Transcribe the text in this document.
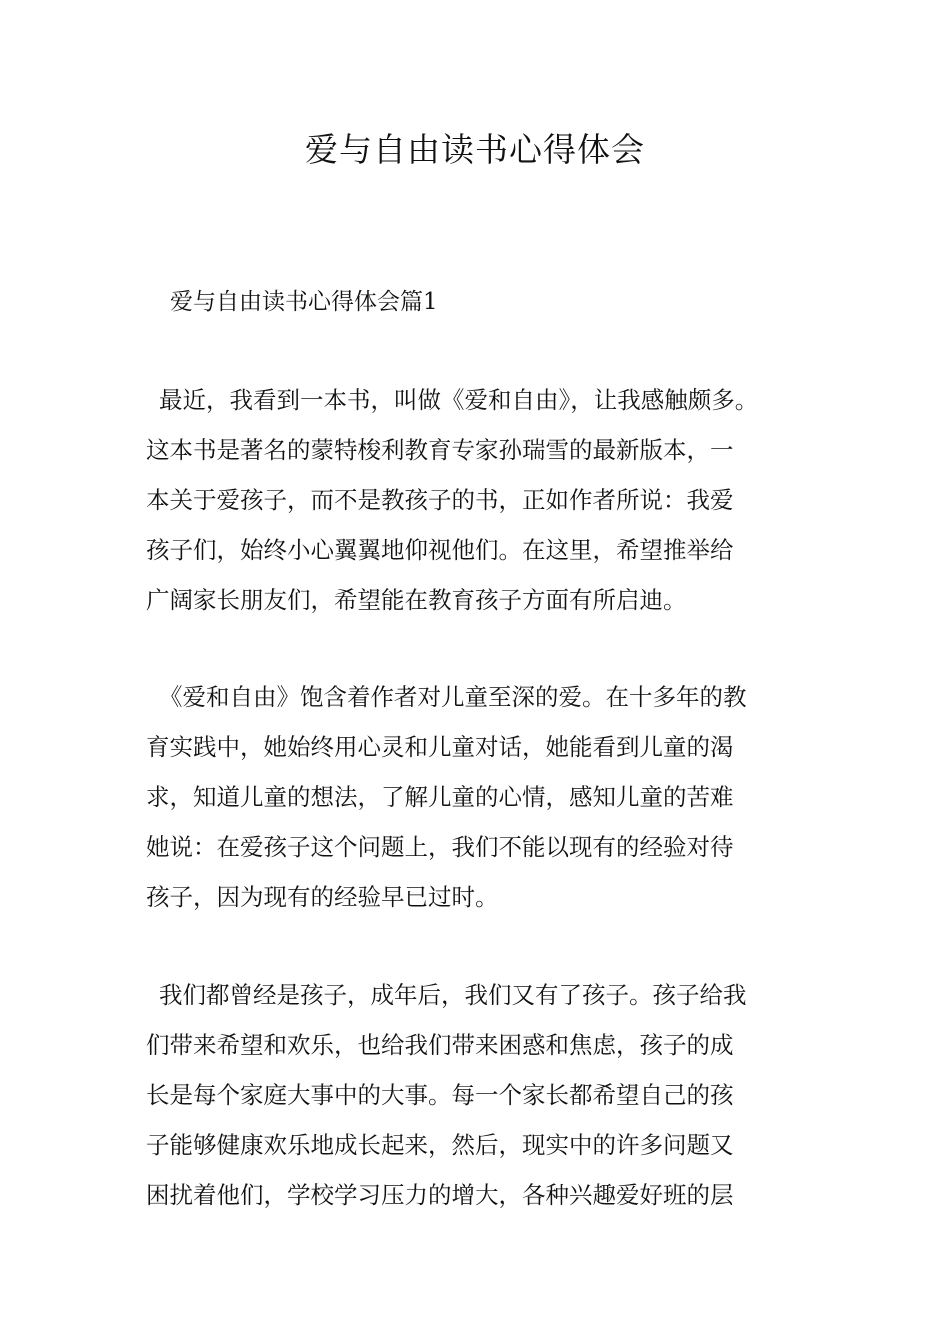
爱与自由读书心得体会
爱与自由读书心得体会篇1
最近，我看到一本书，叫做《爱和自由》，让我感触颇多。
这本书是著名的蒙特梭利教育专家孙瑞雪的最新版本，一
本关于爱孩子，而不是教孩子的书，正如作者所说：我爱
孩子们，始终小心翼翼地仰视他们。在这里，希望推举给
广阔家长朋友们，希望能在教育孩子方面有所启迪。
《爱和自由》饱含着作者对儿童至深的爱。在十多年的教
育实践中，她始终用心灵和儿童对话，她能看到儿童的渴
求，知道儿童的想法，了解儿童的心情，感知儿童的苦难
她说：在爱孩子这个问题上，我们不能以现有的经验对待
孩子，因为现有的经验早已过时。
我们都曾经是孩子，成年后，我们又有了孩子。孩子给我
们带来希望和欢乐，也给我们带来困惑和焦虑，孩子的成
长是每个家庭大事中的大事。每一个家长都希望自己的孩
子能够健康欢乐地成长起来，然后，现实中的许多问题又
困扰着他们，学校学习压力的增大，各种兴趣爱好班的层
